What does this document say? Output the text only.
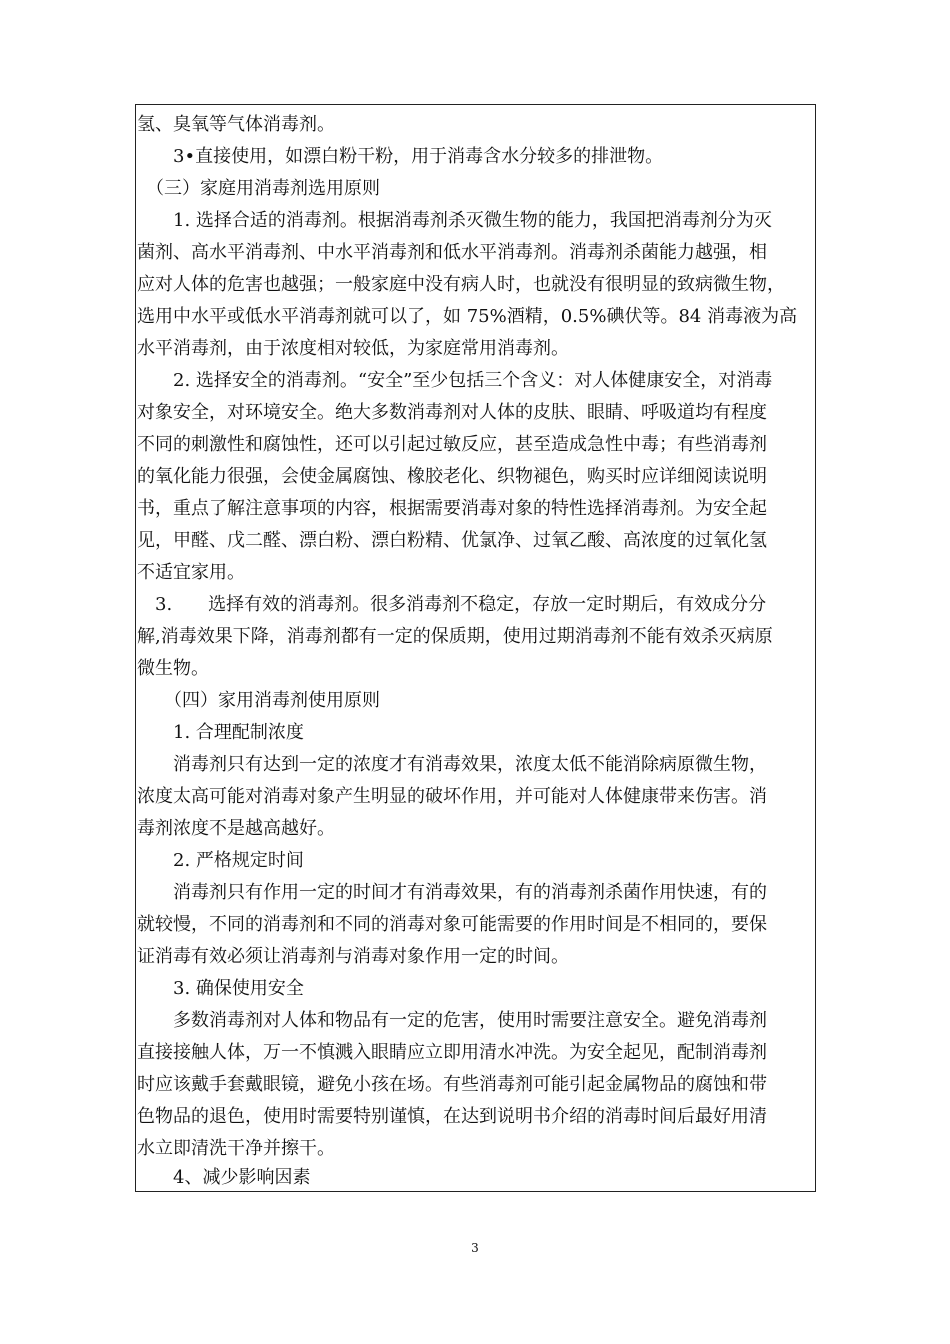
氢、臭氧等气体消毒剂。
　　3•直接使用，如漂白粉干粉，用于消毒含水分较多的排泄物。
　（三）家庭用消毒剂选用原则
　　1. 选择合适的消毒剂。根据消毒剂杀灭微生物的能力，我国把消毒剂分为灭
菌剂、高水平消毒剂、中水平消毒剂和低水平消毒剂。消毒剂杀菌能力越强，相
应对人体的危害也越强；一般家庭中没有病人时，也就没有很明显的致病微生物，
选用中水平或低水平消毒剂就可以了，如 75%酒精，0.5%碘伏等。84 消毒液为高
水平消毒剂，由于浓度相对较低，为家庭常用消毒剂。
　　2. 选择安全的消毒剂。“安全”至少包括三个含义：对人体健康安全，对消毒
对象安全，对环境安全。绝大多数消毒剂对人体的皮肤、眼睛、呼吸道均有程度
不同的刺激性和腐蚀性，还可以引起过敏反应，甚至造成急性中毒；有些消毒剂
的氧化能力很强，会使金属腐蚀、橡胶老化、织物褪色，购买时应详细阅读说明
书，重点了解注意事项的内容，根据需要消毒对象的特性选择消毒剂。为安全起
见，甲醛、戊二醛、漂白粉、漂白粉精、优氯净、过氧乙酸、高浓度的过氧化氢
不适宜家用。
　3.　　选择有效的消毒剂。很多消毒剂不稳定，存放一定时期后，有效成分分
解,消毒效果下降，消毒剂都有一定的保质期，使用过期消毒剂不能有效杀灭病原
微生物。
　　（四）家用消毒剂使用原则
　　1. 合理配制浓度
　　消毒剂只有达到一定的浓度才有消毒效果，浓度太低不能消除病原微生物，
浓度太高可能对消毒对象产生明显的破坏作用，并可能对人体健康带来伤害。消
毒剂浓度不是越高越好。
　　2. 严格规定时间
　　消毒剂只有作用一定的时间才有消毒效果，有的消毒剂杀菌作用快速，有的
就较慢，不同的消毒剂和不同的消毒对象可能需要的作用时间是不相同的，要保
证消毒有效必须让消毒剂与消毒对象作用一定的时间。
　　3. 确保使用安全
　　多数消毒剂对人体和物品有一定的危害，使用时需要注意安全。避免消毒剂
直接接触人体，万一不慎溅入眼睛应立即用清水冲洗。为安全起见，配制消毒剂
时应该戴手套戴眼镜，避免小孩在场。有些消毒剂可能引起金属物品的腐蚀和带
色物品的退色，使用时需要特别谨慎，在达到说明书介绍的消毒时间后最好用清
水立即清洗干净并擦干。
　　4、减少影响因素
3
